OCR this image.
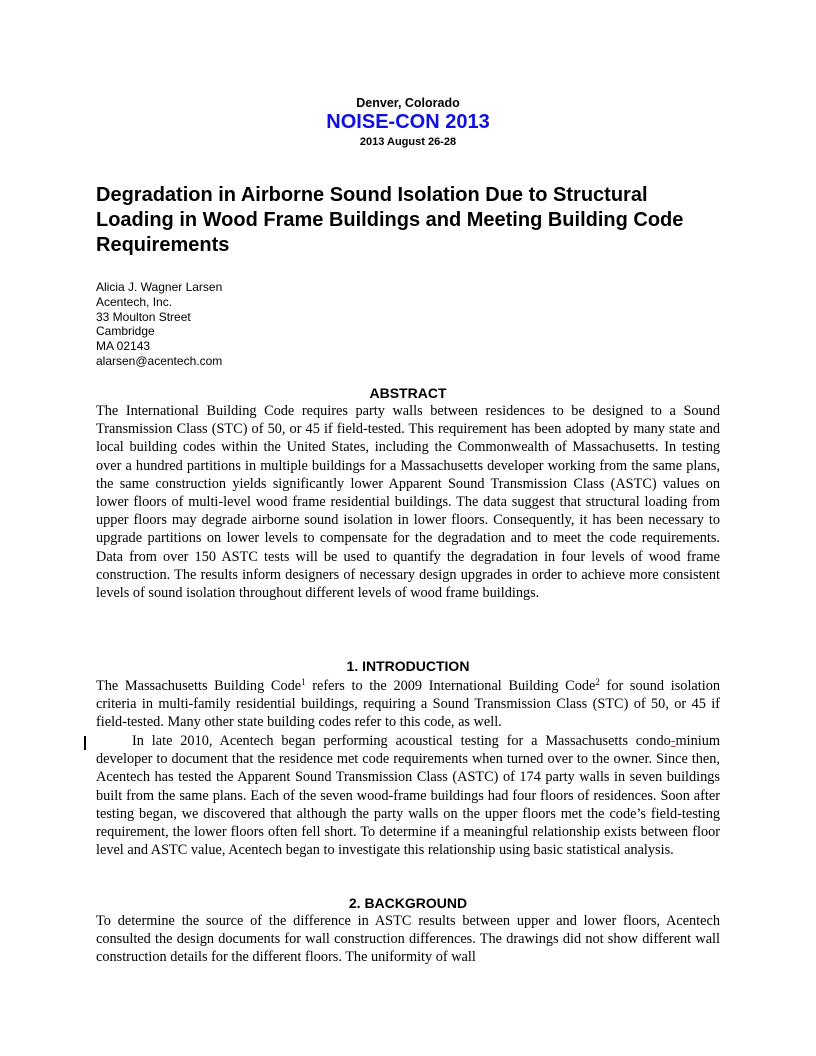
Denver, Colorado
NOISE-CON 2013
2013 August 26-28
Degradation in Airborne Sound Isolation Due to Structural Loading in Wood Frame Buildings and Meeting Building Code Requirements
Alicia J. Wagner Larsen
Acentech, Inc.
33 Moulton Street
Cambridge
MA 02143
alarsen@acentech.com
ABSTRACT

The International Building Code requires party walls between residences to be designed to a Sound Transmission Class (STC) of 50, or 45 if field-tested. This requirement has been adopted by many state and local building codes within the United States, including the Commonwealth of Massachusetts. In testing over a hundred partitions in multiple buildings for a Massachusetts developer working from the same plans, the same construction yields significantly lower Apparent Sound Transmission Class (ASTC) values on lower floors of multi-level wood frame residential buildings. The data suggest that structural loading from upper floors may degrade airborne sound isolation in lower floors. Consequently, it has been necessary to upgrade partitions on lower levels to compensate for the degradation and to meet the code requirements. Data from over 150 ASTC tests will be used to quantify the degradation in four levels of wood frame construction. The results inform designers of necessary design upgrades in order to achieve more consistent levels of sound isolation throughout different levels of wood frame buildings.

1. INTRODUCTION

The Massachusetts Building Code$^1$ refers to the 2009 International Building Code$^2$ for sound isolation criteria in multi-family residential buildings, requiring a Sound Transmission Class (STC) of 50, or 45 if field-tested. Many other state building codes refer to this code, as well.

In late 2010, Acentech began performing acoustical testing for a Massachusetts condo-minium developer to document that the residence met code requirements when turned over to the owner. Since then, Acentech has tested the Apparent Sound Transmission Class (ASTC) of 174 party walls in seven buildings built from the same plans. Each of the seven wood-frame buildings had four floors of residences. Soon after testing began, we discovered that although the party walls on the upper floors met the code’s field-testing requirement, the lower floors often fell short. To determine if a meaningful relationship exists between floor level and ASTC value, Acentech began to investigate this relationship using basic statistical analysis.

2. BACKGROUND

To determine the source of the difference in ASTC results between upper and lower floors, Acentech consulted the design documents for wall construction differences. The drawings did not show different wall construction details for the different floors. The uniformity of wall
